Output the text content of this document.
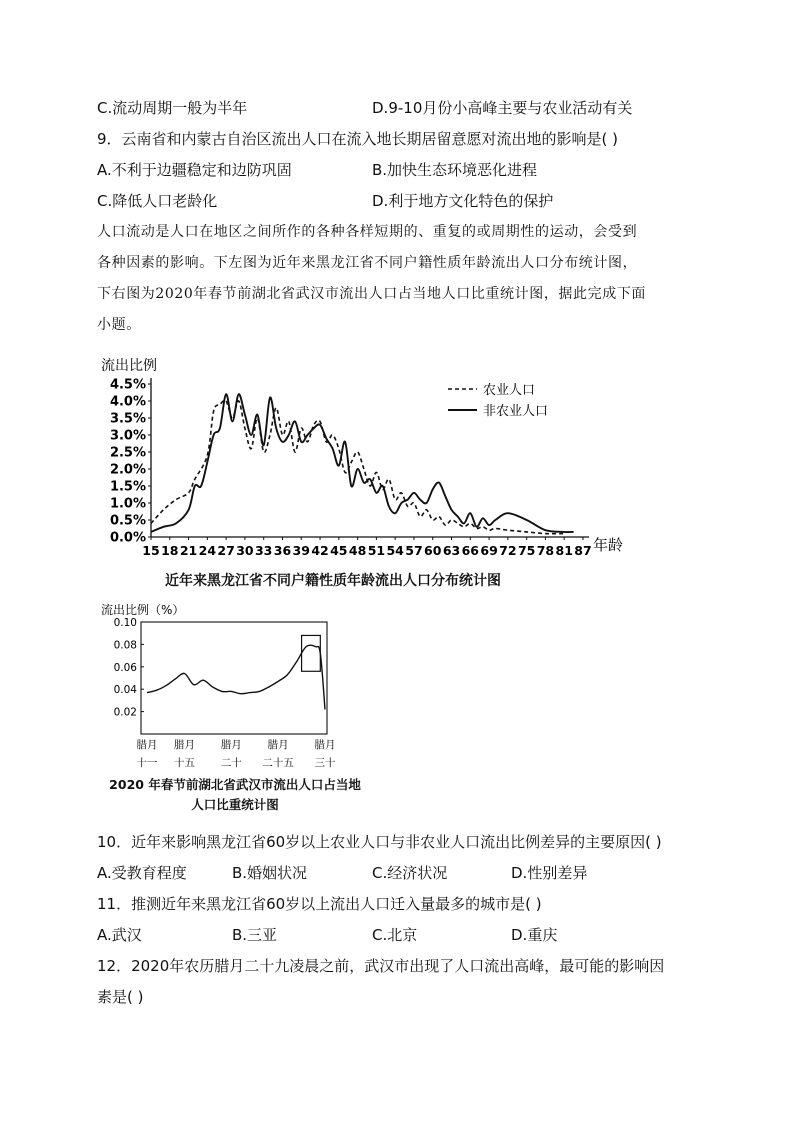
C.流动周期一般为半年	D.9-10月份小高峰主要与农业活动有关
9．云南省和内蒙古自治区流出人口在流入地长期居留意愿对流出地的影响是( )
A.不利于边疆稳定和边防巩固	B.加快生态环境恶化进程
C.降低人口老龄化	D.利于地方文化特色的保护
人口流动是人口在地区之间所作的各种各样短期的、重复的或周期性的运动，会受到
各种因素的影响。下左图为近年来黑龙江省不同户籍性质年龄流出人口分布统计图，
下右图为2020年春节前湖北省武汉市流出人口占当地人口比重统计图，据此完成下面
小题。
流出比例
0.0%
0.5%
1.0%
1.5%
2.0%
2.5%
3.0%
3.5%
4.0%
4.5%
15 18 21 24 27 30 33 36 39 42 45 48 51 54 57 60 63 66 69 72 75 78 81 87
农业人口
非农业人口
年龄
近年来黑龙江省不同户籍性质年龄流出人口分布统计图
流出比例（%）
0.10
0.08
0.06
0.04
0.02
腊月
十一
腊月
十五
腊月
二十
腊月
二十五
腊月
三十
2020 年春节前湖北省武汉市流出人口占当地人口比重统计图
10．近年来影响黑龙江省60岁以上农业人口与非农业人口流出比例差异的主要原因( )
A.受教育程度	B.婚姻状况	C.经济状况	D.性别差异
11．推测近年来黑龙江省60岁以上流出人口迁入量最多的城市是( )
A.武汉	B.三亚	C.北京	D.重庆
12．2020年农历腊月二十九凌晨之前，武汉市出现了人口流出高峰，最可能的影响因
素是( )
